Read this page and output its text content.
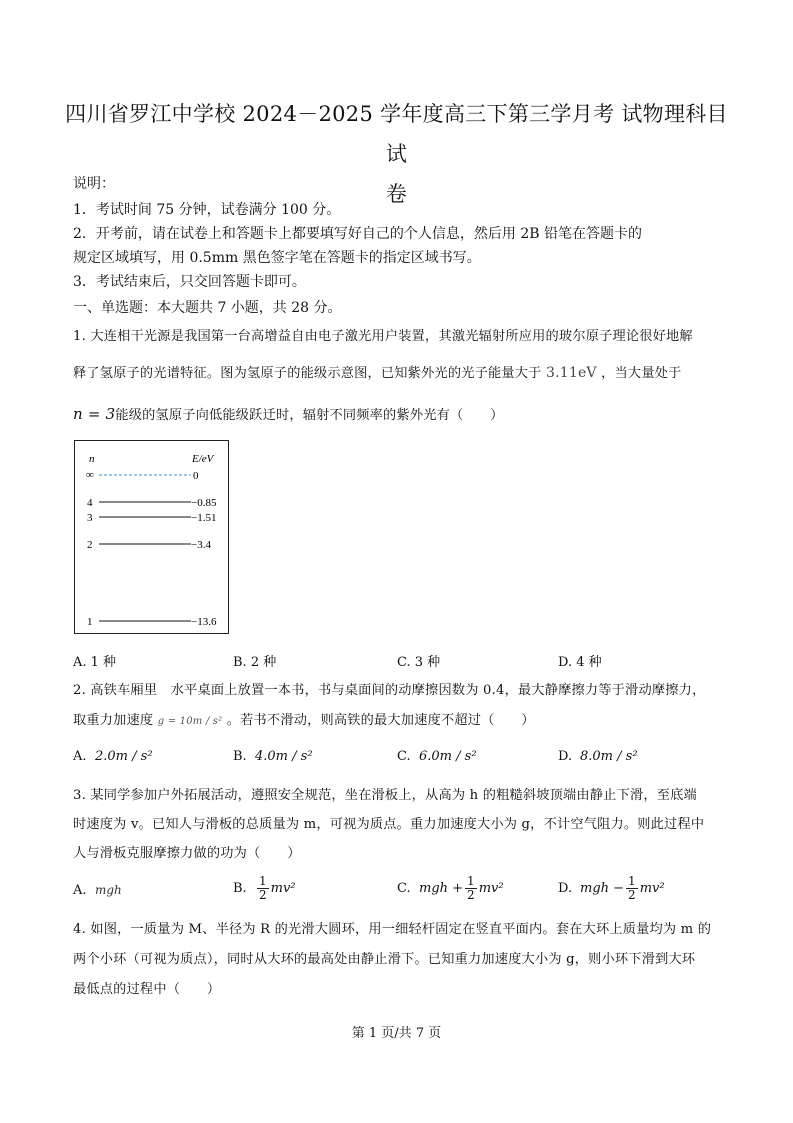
四川省罗江中学校 2024－2025 学年度高三下第三学月考 试物理科目试
卷
说明：
1．考试时间 75 分钟，试卷满分 100 分。
2．开考前，请在试卷上和答题卡上都要填写好自己的个人信息，然后用 2B 铅笔在答题卡的
规定区域填写，用 0.5mm 黑色签字笔在答题卡的指定区域书写。
3．考试结束后，只交回答题卡即可。
一、单选题：本大题共 7 小题，共 28 分。
1. 大连相干光源是我国第一台高增益自由电子激光用户装置，其激光辐射所应用的玻尔原子理论很好地解
释了氢原子的光谱特征。图为氢原子的能级示意图，已知紫外光的光子能量大于 3.11eV ，当大量处于
n = 3能级的氢原子向低能级跃迁时，辐射不同频率的紫外光有（　　）
n	E/eV
∞	0
4	−0.85
3	−1.51
2	−3.4
1	−13.6
A. 1 种	B. 2 种	C. 3 种	D. 4 种
2. 高铁车厢里　水平桌面上放置一本书，书与桌面间的动摩擦因数为 0.4，最大静摩擦力等于滑动摩擦力，
取重力加速度 g = 10m / s² 。若书不滑动，则高铁的最大加速度不超过（　　）
A. 2.0m / s²	B. 4.0m / s²	C. 6.0m / s²	D. 8.0m / s²
3. 某同学参加户外拓展活动，遵照安全规范，坐在滑板上，从高为 h 的粗糙斜坡顶端由静止下滑，至底端
时速度为 v。已知人与滑板的总质量为 m，可视为质点。重力加速度大小为 g，不计空气阻力。则此过程中
人与滑板克服摩擦力做的功为（　　）
A. mgh	B. $\frac{1}{2} mv^2$	C. mgh + $\frac{1}{2} mv^2$	D. mgh − $\frac{1}{2} mv^2$
4. 如图，一质量为 M、半径为 R 的光滑大圆环，用一细轻杆固定在竖直平面内。套在大环上质量均为 m 的
两个小环（可视为质点），同时从大环的最高处由静止滑下。已知重力加速度大小为 g，则小环下滑到大环
最低点的过程中（　　）
第 1 页/共 7 页
